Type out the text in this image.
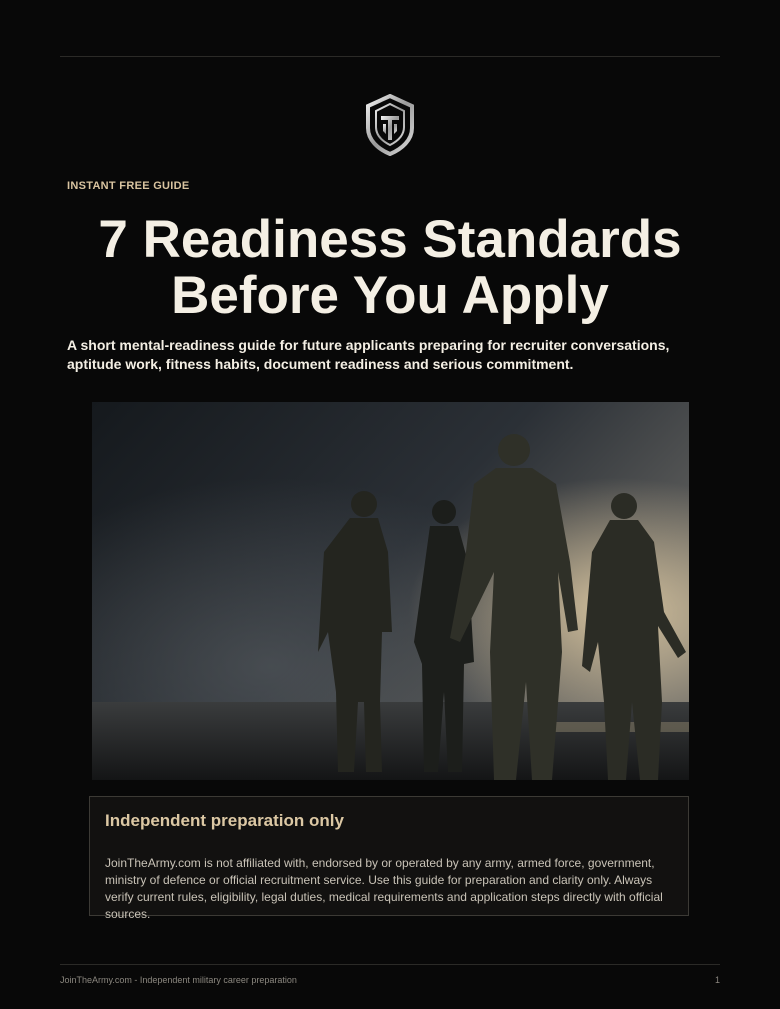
INSTANT FREE GUIDE
7 Readiness Standards
Before You Apply

A short mental-readiness guide for future applicants preparing for recruiter conversations, aptitude work, fitness habits, document readiness and serious commitment.

Independent preparation only

JoinTheArmy.com is not affiliated with, endorsed by or operated by any army, armed force, government, ministry of defence or official recruitment service. Use this guide for preparation and clarity only. Always verify current rules, eligibility, legal duties, medical requirements and application steps directly with official sources.

JoinTheArmy.com - Independent military career preparation	1
